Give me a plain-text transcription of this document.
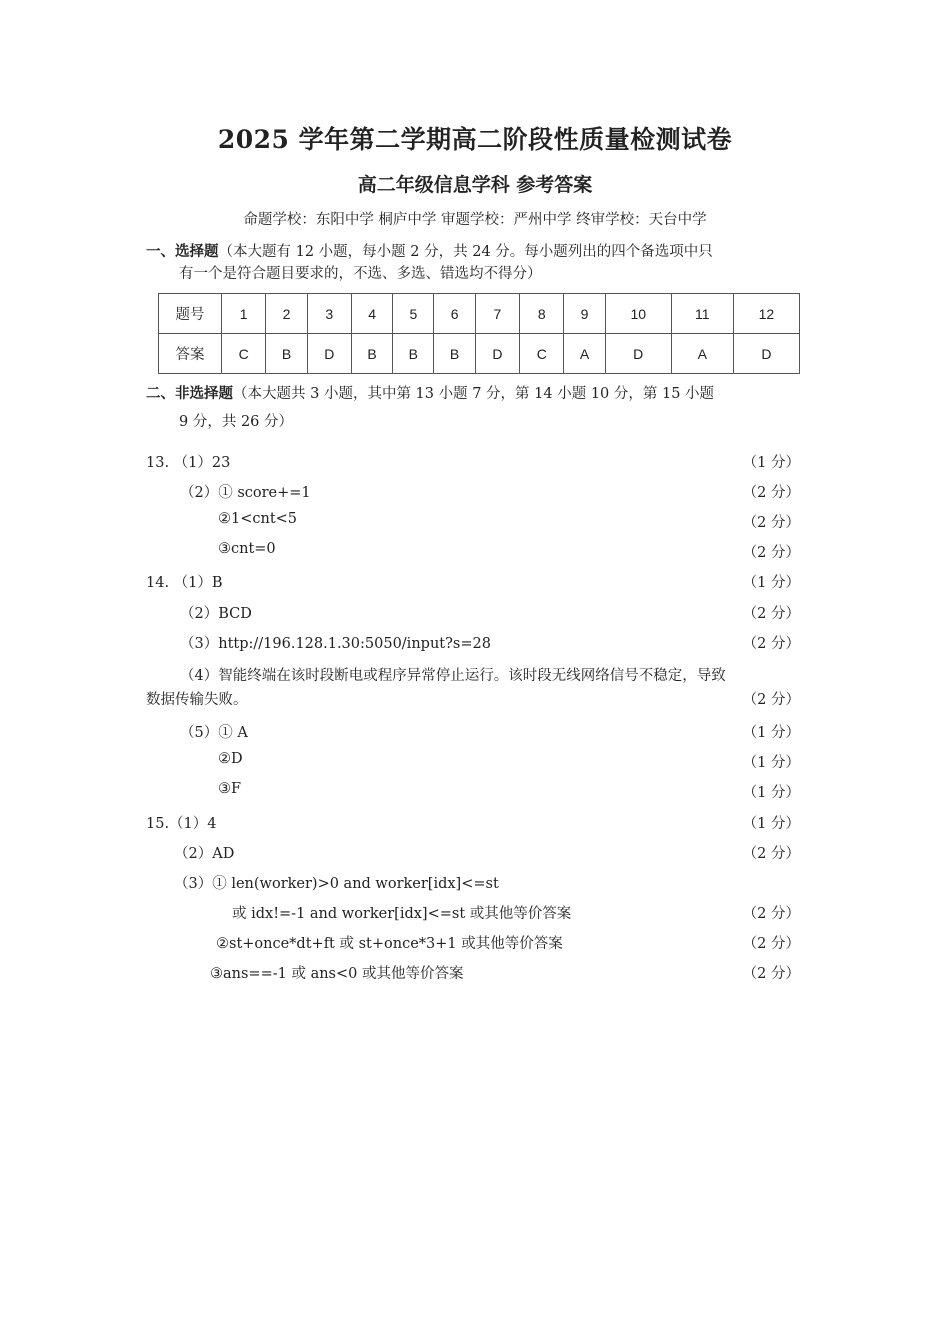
2025 学年第二学期高二阶段性质量检测试卷
高二年级信息学科 参考答案
命题学校：东阳中学 桐庐中学 审题学校：严州中学 终审学校：天台中学
一、选择题（本大题有 12 小题，每小题 2 分，共 24 分。每小题列出的四个备选项中只
有一个是符合题目要求的，不选、多选、错选均不得分）
题号	1	2	3	4	5	6	7	8	9	10	11	12
答案	C	B	D	B	B	B	D	C	A	D	A	D
二、非选择题（本大题共 3 小题，其中第 13 小题 7 分，第 14 小题 10 分，第 15 小题
9 分，共 26 分）
13. （1）23	（1 分）
（2）① score+=1	（2 分）
②1<cnt<5	（2 分）
③cnt=0	（2 分）
14. （1）B	（1 分）
（2）BCD	（2 分）
（3）http://196.128.1.30:5050/input?s=28	（2 分）
（4）智能终端在该时段断电或程序异常停止运行。该时段无线网络信号不稳定，导致
数据传输失败。	（2 分）
（5）① A	（1 分）
②D	（1 分）
③F	（1 分）
15.（1）4	（1 分）
（2）AD	（2 分）
（3）① len(worker)>0 and worker[idx]<=st
或 idx!=-1 and worker[idx]<=st 或其他等价答案	（2 分）
②st+once*dt+ft 或 st+once*3+1 或其他等价答案	（2 分）
③ans==-1 或 ans<0 或其他等价答案	（2 分）
